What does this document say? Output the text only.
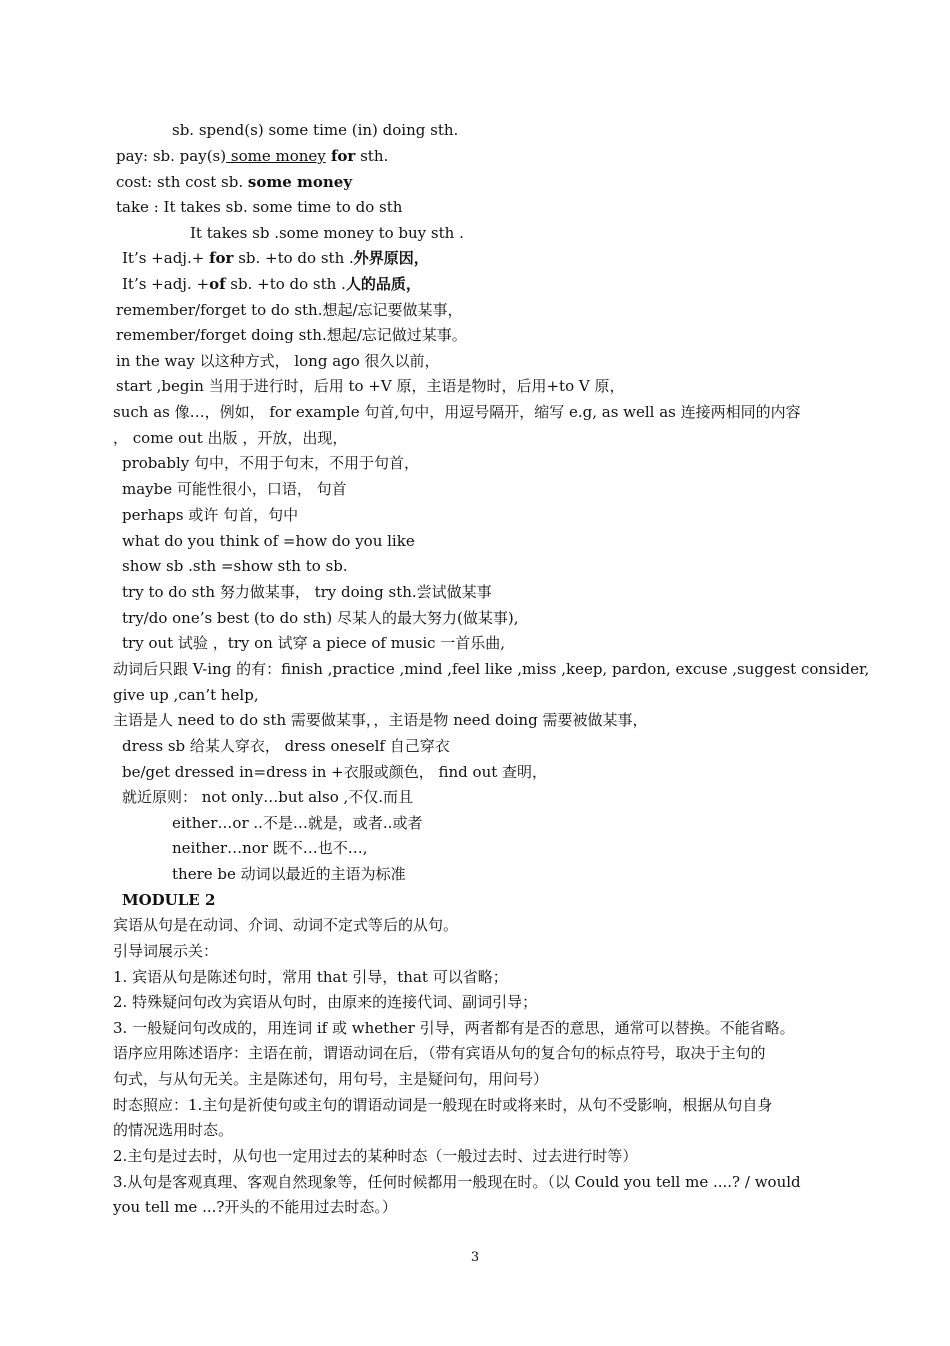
sb. spend(s) some time (in) doing sth.
pay: sb. pay(s) some money for sth.
cost: sth cost sb. some money
take : It takes sb. some time to do sth
It takes sb .some money to buy sth .
It’s +adj.+ for sb. +to do sth .外界原因，
It’s +adj. +of sb. +to do sth .人的品质，
remember/forget to do sth.想起/忘记要做某事，
remember/forget doing sth.想起/忘记做过某事。
in the way 以这种方式， long ago 很久以前，
start ,begin 当用于进行时，后用 to +V 原，主语是物时，后用+to V 原，
such as 像…，例如， for example 句首,句中，用逗号隔开，缩写 e.g, as well as 连接两相同的内容
， come out 出版 ，开放，出现，
probably 句中，不用于句末，不用于句首，
maybe 可能性很小，口语， 句首
perhaps 或许 句首，句中
what do you think of =how do you like
show sb .sth =show sth to sb.
try to do sth 努力做某事， try doing sth.尝试做某事
try/do one’s best (to do sth) 尽某人的最大努力(做某事),
try out 试验 ，try on 试穿 a piece of music 一首乐曲,
动词后只跟 V-ing 的有：finish ,practice ,mind ,feel like ,miss ,keep, pardon, excuse ,suggest consider,
give up ,can’t help,
主语是人 need to do sth 需要做某事，，主语是物 need doing 需要被做某事，
dress sb 给某人穿衣， dress oneself 自己穿衣
be/get dressed in=dress in +衣服或颜色， find out 查明，
就近原则： not only…but also ,不仅.而且
either…or ..不是…就是，或者..或者
neither…nor 既不…也不…,
there be 动词以最近的主语为标准
MODULE 2
宾语从句是在动词、介词、动词不定式等后的从句。
引导词展示关：
1. 宾语从句是陈述句时，常用 that 引导，that 可以省略；
2. 特殊疑问句改为宾语从句时，由原来的连接代词、副词引导；
3. 一般疑问句改成的，用连词 if 或 whether 引导，两者都有是否的意思，通常可以替换。不能省略。
语序应用陈述语序：主语在前，谓语动词在后，（带有宾语从句的复合句的标点符号，取决于主句的
句式，与从句无关。主是陈述句，用句号，主是疑问句，用问号）
时态照应：1.主句是祈使句或主句的谓语动词是一般现在时或将来时，从句不受影响，根据从句自身
的情况选用时态。
2.主句是过去时，从句也一定用过去的某种时态（一般过去时、过去进行时等）
3.从句是客观真理、客观自然现象等，任何时候都用一般现在时。（以 Could you tell me ....? / would
you tell me ...?开头的不能用过去时态。）
3
